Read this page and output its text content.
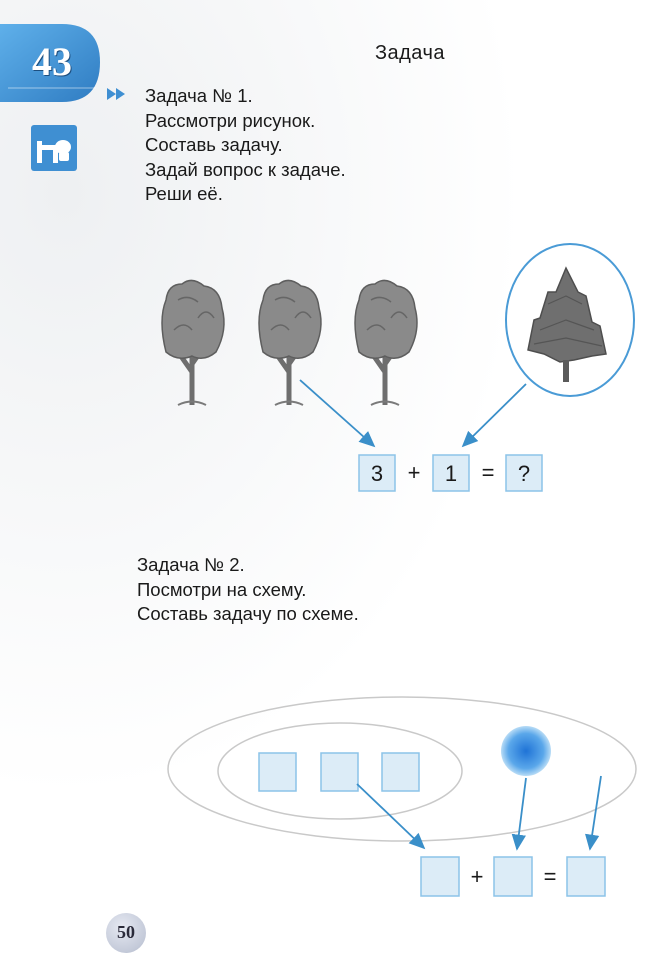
43	Задача
Задача № 1.
Рассмотри рисунок.
Составь задачу.
Задай вопрос к задаче.
Реши её.
3 + 1 = ?
+	=
Задача № 2.
Посмотри на схему.
Составь задачу по схеме.
50
